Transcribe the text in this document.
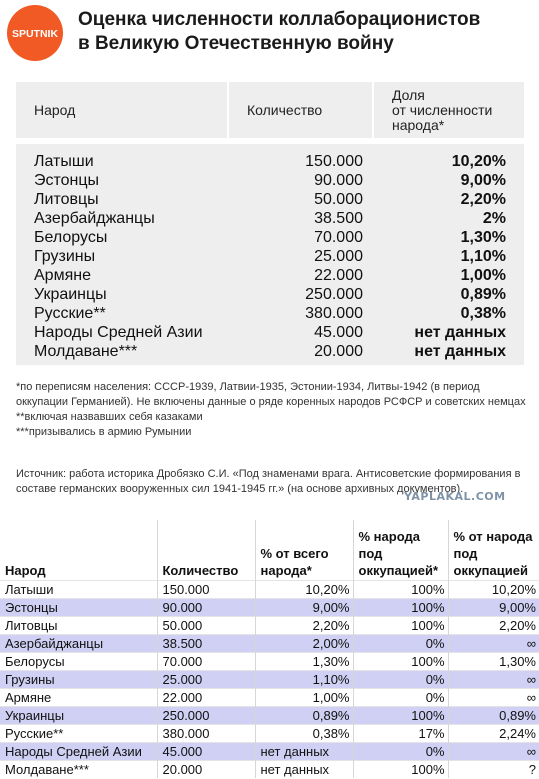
SPUTNIK
Оценка численности коллаборационистов
в Великую Отечественную войну
Народ	Количество	Доля
от численности
народа*

Латыши	150.000	10,20%
Эстонцы	90.000	9,00%
Литовцы	50.000	2,20%
Азербайджанцы	38.500	2%
Белорусы	70.000	1,30%
Грузины	25.000	1,10%
Армяне	22.000	1,00%
Украинцы	250.000	0,89%
Русские**	380.000	0,38%
Народы Средней Азии	45.000	нет данных
Молдаване***	20.000	нет данных
*по переписям населения: СССР-1939, Латвии-1935, Эстонии-1934, Литвы-1942 (в период оккупации Германией). Не включены данные о ряде коренных народов РСФСР и советских немцах
**включая назвавших себя казаками
***призывались в армию Румынии
Источник: работа историка Дробязко С.И. «Под знаменами врага. Антисоветские формирования в составе германских вооруженных сил 1941-1945 гг.» (на основе архивных документов).
YAPLAKAL.COM
Народ	Количество	% от всего народа*	% народа под оккупацией*	% от народа под оккупацией
Латыши	150.000	10,20%	100%	10,20%
Эстонцы	90.000	9,00%	100%	9,00%
Литовцы	50.000	2,20%	100%	2,20%
Азербайджанцы	38.500	2,00%	0%	∞
Белорусы	70.000	1,30%	100%	1,30%
Грузины	25.000	1,10%	0%	∞
Армяне	22.000	1,00%	0%	∞
Украинцы	250.000	0,89%	100%	0,89%
Русские**	380.000	0,38%	17%	2,24%
Народы Средней Азии	45.000	нет данных	0%	∞
Молдаване***	20.000	нет данных	100%	?
